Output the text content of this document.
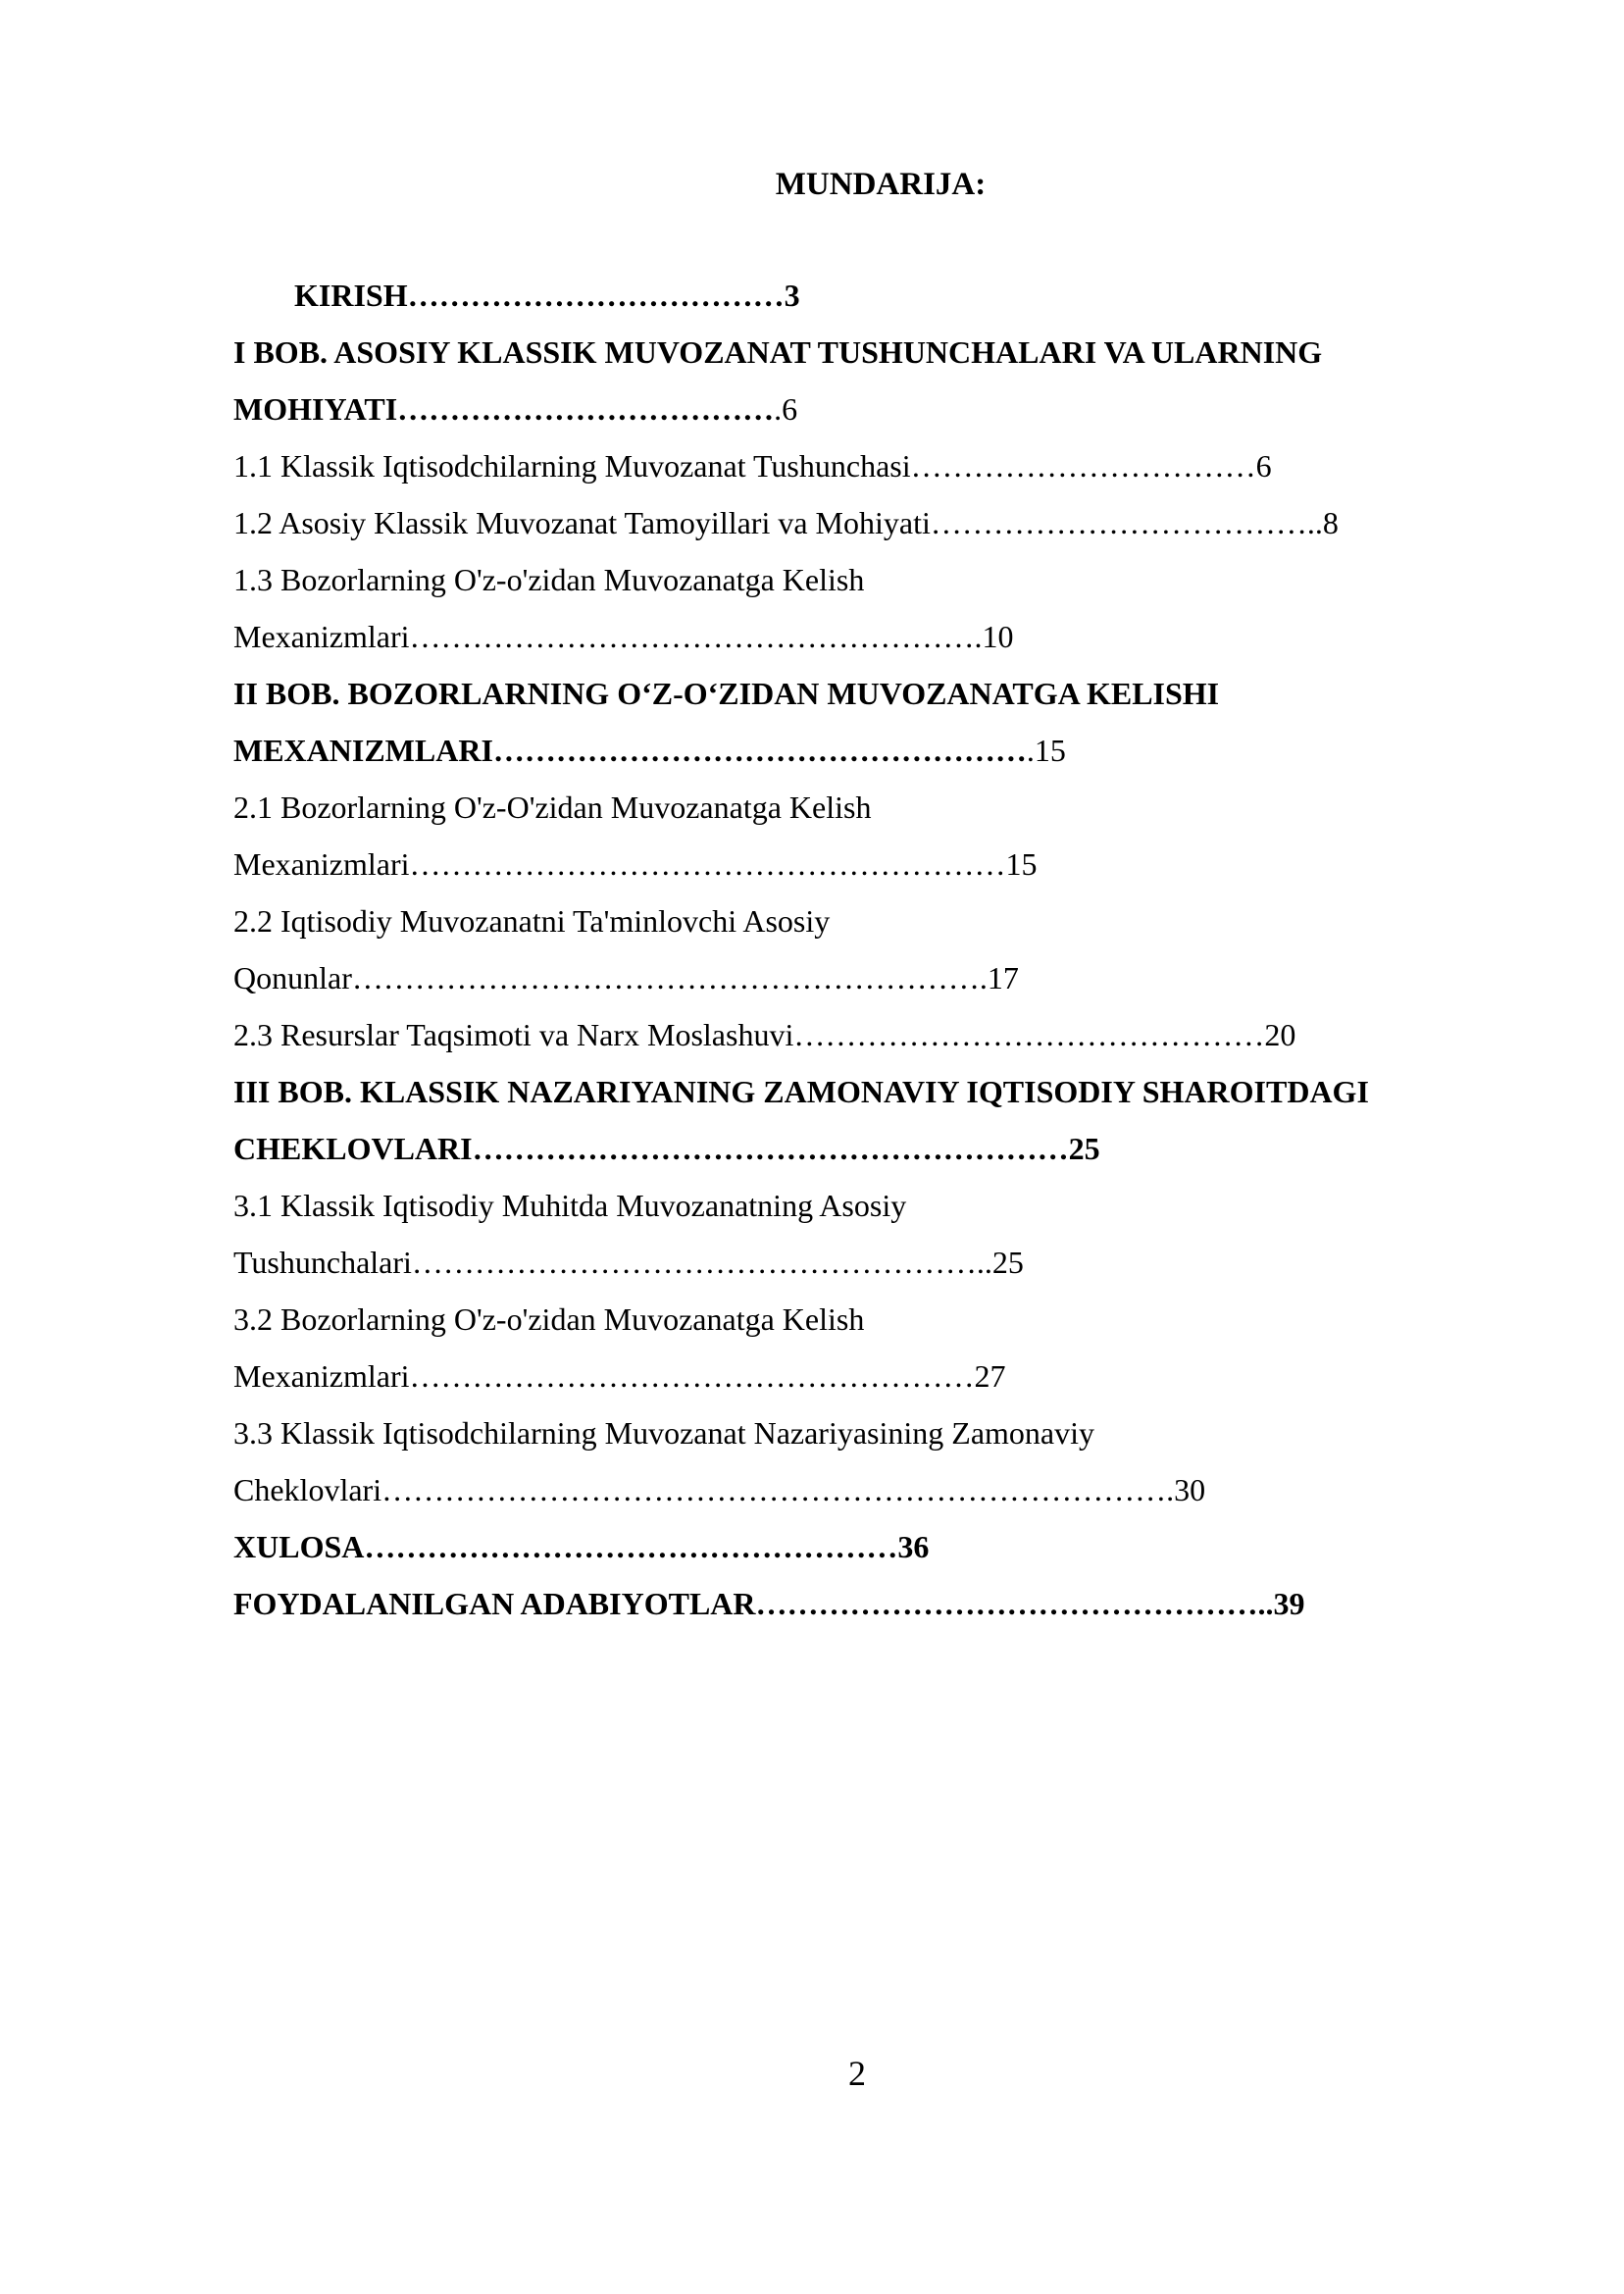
MUNDARIJA:
KIRISH………………………………3
I BOB. ASOSIY KLASSIK MUVOZANAT TUSHUNCHALARI VA ULARNING
MOHIYATI……………………………….6
1.1 Klassik Iqtisodchilarning Muvozanat Tushunchasi……………………………6
1.2 Asosiy Klassik Muvozanat Tamoyillari va Mohiyati………………………………..8
1.3 Bozorlarning O'z-o'zidan Muvozanatga Kelish
Mexanizmlari……………………………………………….10
II BOB. BOZORLARNING O‘Z-O‘ZIDAN MUVOZANATGA KELISHI
MEXANIZMLARI…………………………………………….15
2.1 Bozorlarning O'z-O'zidan Muvozanatga Kelish
Mexanizmlari…………………………………………………15
2.2 Iqtisodiy Muvozanatni Ta'minlovchi Asosiy
Qonunlar…………………………………………………….17
2.3 Resurslar Taqsimoti va Narx Moslashuvi………………………………………20
III BOB. KLASSIK NAZARIYANING ZAMONAVIY IQTISODIY SHAROITDAGI
CHEKLOVLARI…………………………………………………25
3.1 Klassik Iqtisodiy Muhitda Muvozanatning Asosiy
Tushunchalari………………………………………………..25
3.2 Bozorlarning O'z-o'zidan Muvozanatga Kelish
Mexanizmlari………………………………………………27
3.3 Klassik Iqtisodchilarning Muvozanat Nazariyasining Zamonaviy
Cheklovlari………………………………………………………………….30
XULOSA……………………………………………36
FOYDALANILGAN ADABIYOTLAR…………………………………………..39
2
